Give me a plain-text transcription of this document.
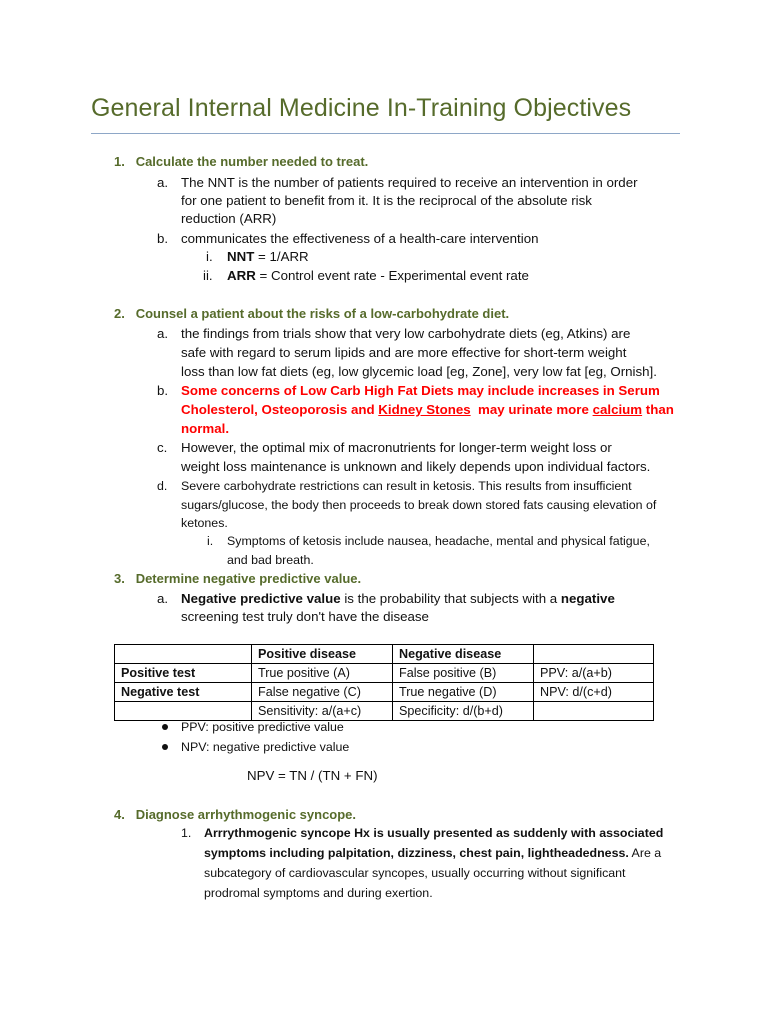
General Internal Medicine In-Training Objectives
1. Calculate the number needed to treat.
a. The NNT is the number of patients required to receive an intervention in order
for one patient to benefit from it. It is the reciprocal of the absolute risk
reduction (ARR)
b. communicates the effectiveness of a health-care intervention
i. NNT = 1/ARR
ii. ARR = Control event rate - Experimental event rate
2. Counsel a patient about the risks of a low-carbohydrate diet.
a. the findings from trials show that very low carbohydrate diets (eg, Atkins) are
safe with regard to serum lipids and are more effective for short-term weight
loss than low fat diets (eg, low glycemic load [eg, Zone], very low fat [eg, Ornish].
b. Some concerns of Low Carb High Fat Diets may include increases in Serum
Cholesterol, Osteoporosis and Kidney Stones  may urinate more calcium than
normal.
c. However, the optimal mix of macronutrients for longer-term weight loss or
weight loss maintenance is unknown and likely depends upon individual factors.
d. Severe carbohydrate restrictions can result in ketosis. This results from insufficient
sugars/glucose, the body then proceeds to break down stored fats causing elevation of
ketones.
i. Symptoms of ketosis include nausea, headache, mental and physical fatigue,
and bad breath.
3. Determine negative predictive value.
a. Negative predictive value is the probability that subjects with a negative
screening test truly don't have the disease
	Positive disease	Negative disease	
Positive test	True positive (A)	False positive (B)	PPV: a/(a+b)
Negative test	False negative (C)	True negative (D)	NPV: d/(c+d)
	Sensitivity: a/(a+c)	Specificity: d/(b+d)	
PPV: positive predictive value
NPV: negative predictive value
NPV = TN / (TN + FN)
4. Diagnose arrhythmogenic syncope.
1. Arrrythmogenic syncope Hx is usually presented as suddenly with associated
symptoms including palpitation, dizziness, chest pain, lightheadedness. Are a
subcategory of cardiovascular syncopes, usually occurring without significant
prodromal symptoms and during exertion.
